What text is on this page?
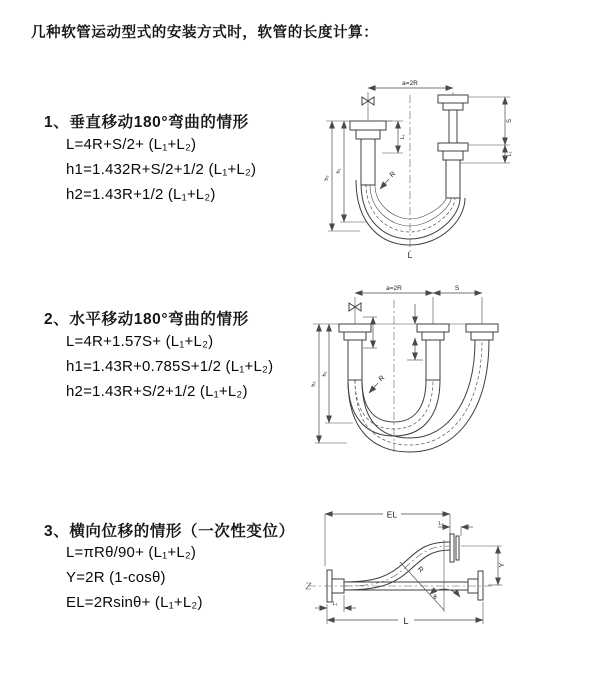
几种软管运动型式的安装方式时，软管的长度计算：
1、垂直移动180°弯曲的情形
L=4R+S/2+ (L₁+L₂)
h1=1.432R+S/2+1/2 (L₁+L₂)
h2=1.43R+1/2 (L₁+L₂)
2、水平移动180°弯曲的情形
L=4R+1.57S+ (L₁+L₂)
h1=1.43R+0.785S+1/2 (L₁+L₂)
h2=1.43R+S/2+1/2 (L₁+L₂)
3、横向位移的情形（一次性变位）
L=πRθ/90+ (L₁+L₂)
Y=2R (1-cosθ)
EL=2Rsinθ+ (L₁+L₂)
a=2R
L₁
S
L₁
h₂
h₁	R
L
a=2R	S
h₂
h₁
R
EL
L₁
Y
θ
R
L
L₁
